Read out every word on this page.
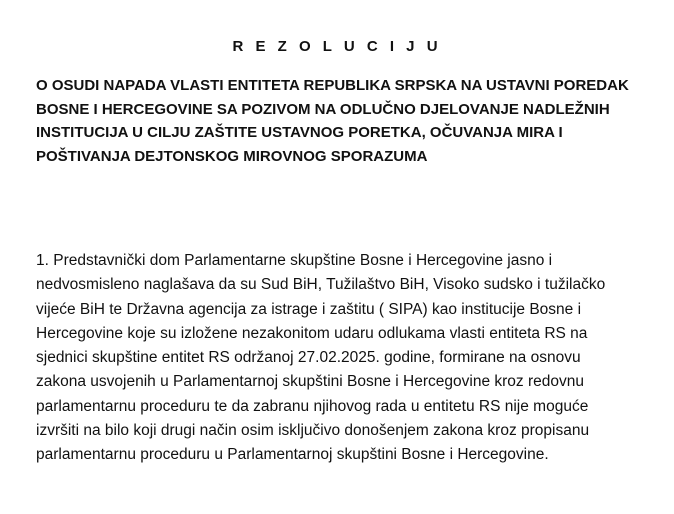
R E Z O L U C I J U
O OSUDI NAPADA VLASTI ENTITETA REPUBLIKA SRPSKA NA USTAVNI POREDAK
BOSNE I HERCEGOVINE SA POZIVOM NA ODLUČNO DJELOVANJE NADLEŽNIH
INSTITUCIJA U CILJU ZAŠTITE USTAVNOG PORETKA, OČUVANJA MIRA I
POŠTIVANJA DEJTONSKOG MIROVNOG SPORAZUMA
1. Predstavnički dom Parlamentarne skupštine Bosne i Hercegovine jasno i
nedvosmisleno naglašava da su Sud BiH, Tužilaštvo BiH, Visoko sudsko i tužilačko
vijeće BiH te Državna agencija za istrage i zaštitu ( SIPA) kao institucije Bosne i
Hercegovine koje su izložene nezakonitom udaru odlukama vlasti entiteta RS na
sjednici skupštine entitet RS održanoj 27.02.2025. godine, formirane na osnovu
zakona usvojenih u Parlamentarnoj skupštini Bosne i Hercegovine kroz redovnu
parlamentarnu proceduru te da zabranu njihovog rada u entitetu RS nije moguće
izvršiti na bilo koji drugi način osim isključivo donošenjem zakona kroz propisanu
parlamentarnu proceduru u Parlamentarnoj skupštini Bosne i Hercegovine.
